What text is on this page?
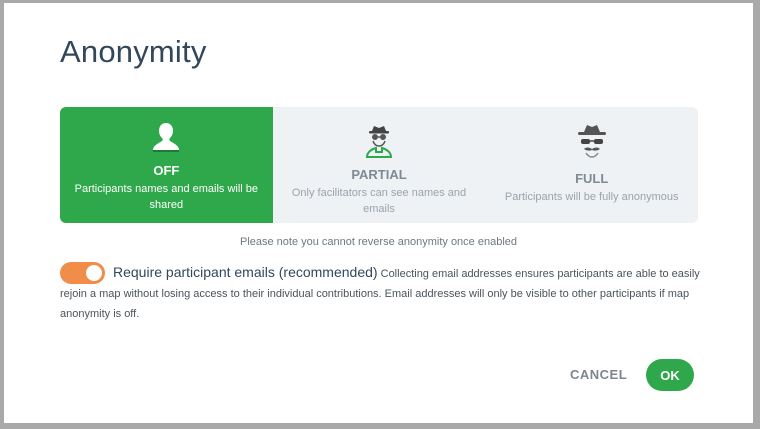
Anonymity
OFF
Participants names and emails will be shared
PARTIAL
Only facilitators can see names and emails
FULL
Participants will be fully anonymous
Please note you cannot reverse anonymity once enabled
Require participant emails (recommended) Collecting email addresses ensures participants are able to easily rejoin a map without losing access to their individual contributions. Email addresses will only be visible to other participants if map anonymity is off.
CANCEL	OK
